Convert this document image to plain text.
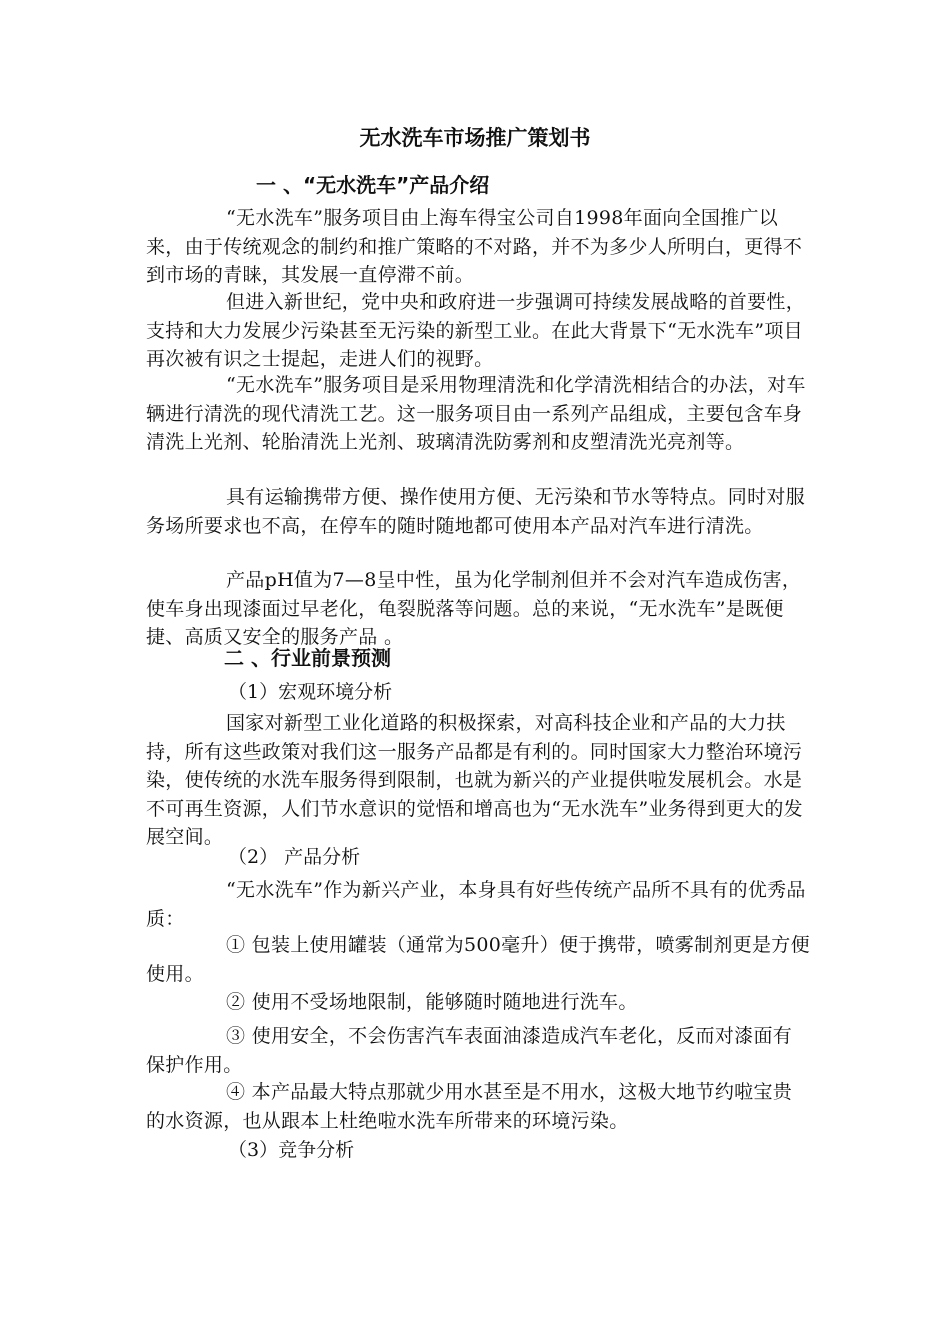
无水洗车市场推广策划书
一 、“无水洗车”产品介绍
“无水洗车”服务项目由上海车得宝公司自1998年面向全国推广以来，由于传统观念的制约和推广策略的不对路，并不为多少人所明白，更得不到市场的青睐，其发展一直停滞不前。
但进入新世纪，党中央和政府进一步强调可持续发展战略的首要性，支持和大力发展少污染甚至无污染的新型工业。在此大背景下“无水洗车”项目再次被有识之士提起，走进人们的视野。
“无水洗车”服务项目是采用物理清洗和化学清洗相结合的办法，对车辆进行清洗的现代清洗工艺。这一服务项目由一系列产品组成，主要包含车身清洗上光剂、轮胎清洗上光剂、玻璃清洗防雾剂和皮塑清洗光亮剂等。
具有运输携带方便、操作使用方便、无污染和节水等特点。同时对服务场所要求也不高，在停车的随时随地都可使用本产品对汽车进行清洗。
产品pH值为7—8呈中性，虽为化学制剂但并不会对汽车造成伤害，使车身出现漆面过早老化，龟裂脱落等问题。总的来说，“无水洗车”是既便捷、高质又安全的服务产品 。
二 、行业前景预测
（1）宏观环境分析
国家对新型工业化道路的积极探索，对高科技企业和产品的大力扶持，所有这些政策对我们这一服务产品都是有利的。同时国家大力整治环境污染，使传统的水洗车服务得到限制，也就为新兴的产业提供啦发展机会。水是不可再生资源，人们节水意识的觉悟和增高也为“无水洗车”业务得到更大的发展空间。
（2） 产品分析
“无水洗车”作为新兴产业，本身具有好些传统产品所不具有的优秀品质：
① 包装上使用罐装（通常为500毫升）便于携带，喷雾制剂更是方便使用。
② 使用不受场地限制，能够随时随地进行洗车。
③ 使用安全，不会伤害汽车表面油漆造成汽车老化，反而对漆面有保护作用。
④ 本产品最大特点那就少用水甚至是不用水，这极大地节约啦宝贵的水资源，也从跟本上杜绝啦水洗车所带来的环境污染。
（3）竞争分析
